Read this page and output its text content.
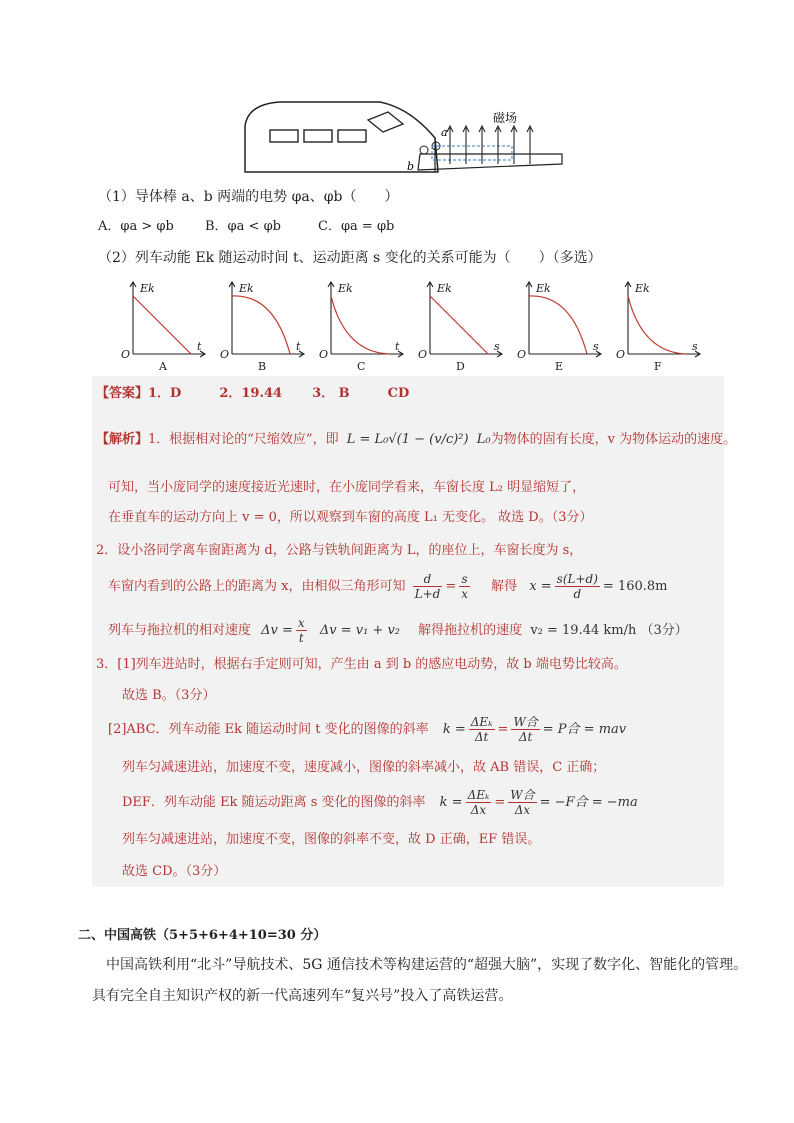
磁场
a
b
（1）导体棒 a、b 两端的电势 φa、φb（　　）
A．φa > φb B．φa < φb	C．φa = φb
（2）列车动能 Ek 随运动时间 t、运动距离 s 变化的关系可能为（　　）（多选）
Ek
O
t
A
Ek
O
t
B
Ek
O
t
C
Ek
O
s
D
Ek
O
s
E
Ek
O
s
F
【答案】1．D	2．19.44 3． B	CD
【解析】1．根据相对论的“尺缩效应”，即 L = L₀√(1 − (v/c)²) L₀为物体的固有长度，v 为物体运动的速度。
可知，当小庞同学的速度接近光速时，在小庞同学看来，车窗长度 L₂ 明显缩短了，
在垂直车的运动方向上 v = 0，所以观察到车窗的高度 L₁ 无变化。 故选 D。（3分）
2．设小洛同学离车窗距离为 d，公路与铁轨间距离为 L，的座位上，车窗长度为 s，
车窗内看到的公路上的距离为 x，由相似三角形可知 $\frac{d}{L+d} = \frac{s}{x}$ 解得 $x = \frac{s(L+d)}{d} = 160.8m$
列车与拖拉机的相对速度 $\Delta v = \frac{x}{t}$ Δv = v₁ + v₂ 解得拖拉机的速度 v₂ = 19.44 km/h （3分）
3．[1]列车进站时，根据右手定则可知，产生由 a 到 b 的感应电动势，故 b 端电势比较高。
故选 B。（3分）
[2]ABC．列车动能 Ek 随运动时间 t 变化的图像的斜率 $k = \frac{\text{ΔEₖ}}{\Delta t} = \frac{\text{W合}}{\Delta t} = P$合 = mav
列车匀减速进站，加速度不变，速度减小，图像的斜率减小，故 AB 错误，C 正确；
DEF．列车动能 Ek 随运动距离 s 变化的图像的斜率 $k = \frac{\text{ΔEₖ}}{\Delta x} = \frac{\text{W合}}{\Delta x} = -F$合 = −ma
列车匀减速进站，加速度不变，图像的斜率不变，故 D 正确，EF 错误。
故选 CD。（3分）
二、中国高铁（5+5+6+4+10=30 分）
中国高铁利用“北斗”导航技术、5G 通信技术等构建运营的“超强大脑”，实现了数字化、智能化的管理。
具有完全自主知识产权的新一代高速列车“复兴号”投入了高铁运营。
